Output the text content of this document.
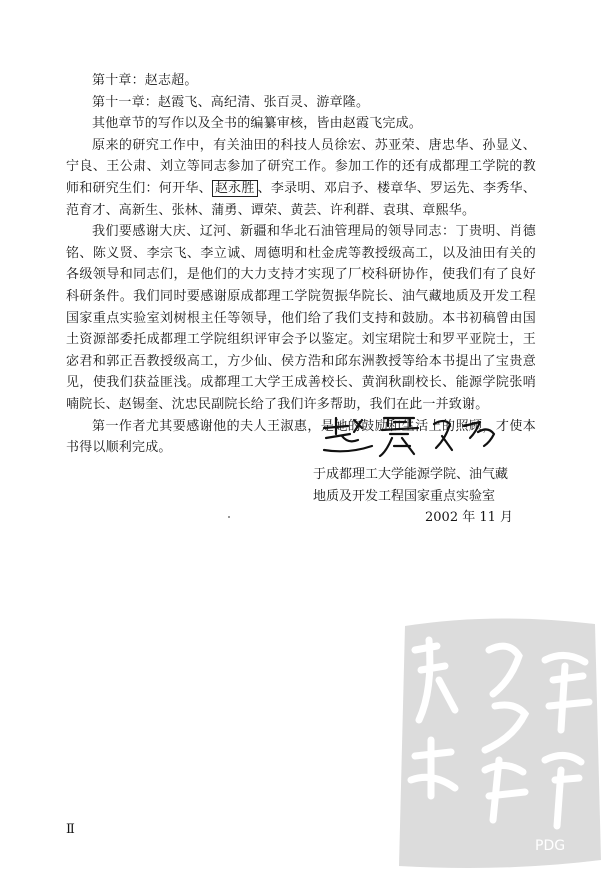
第十章：赵志超。

第十一章：赵霞飞、高纪清、张百灵、游章隆。

其他章节的写作以及全书的编纂审核，皆由赵霞飞完成。

原来的研究工作中，有关油田的科技人员徐宏、苏亚荣、唐忠华、孙显义、宁良、王公肃、刘立等同志参加了研究工作。参加工作的还有成都理工学院的教师和研究生们：何开华、 赵永胜 、李录明、邓启予、楼章华、罗运先、李秀华、范育才、高新生、张林、蒲勇、谭荣、黄芸、许利群、袁琪、章熙华。

我们要感谢大庆、辽河、新疆和华北石油管理局的领导同志：丁贵明、肖德铭、陈义贤、李宗飞、李立诚、周德明和杜金虎等教授级高工，以及油田有关的各级领导和同志们，是他们的大力支持才实现了厂校科研协作，使我们有了良好科研条件。我们同时要感谢原成都理工学院贺振华院长、油气藏地质及开发工程国家重点实验室刘树根主任等领导，他们给了我们支持和鼓励。本书初稿曾由国土资源部委托成都理工学院组织评审会予以鉴定。刘宝珺院士和罗平亚院士，王宓君和郭正吾教授级高工，方少仙、侯方浩和邱东洲教授等给本书提出了宝贵意见，使我们获益匪浅。成都理工大学王成善校长、黄润秋副校长、能源学院张哨喃院长、赵锡奎、沈忠民副院长给了我们许多帮助，我们在此一并致谢。

第一作者尤其要感谢他的夫人王淑惠，是她的鼓励和生活上的照顾，才使本书得以顺利完成。

于成都理工大学能源学院、油气藏
地质及开发工程国家重点实验室
2002 年 11 月
Ⅱ
PDG
